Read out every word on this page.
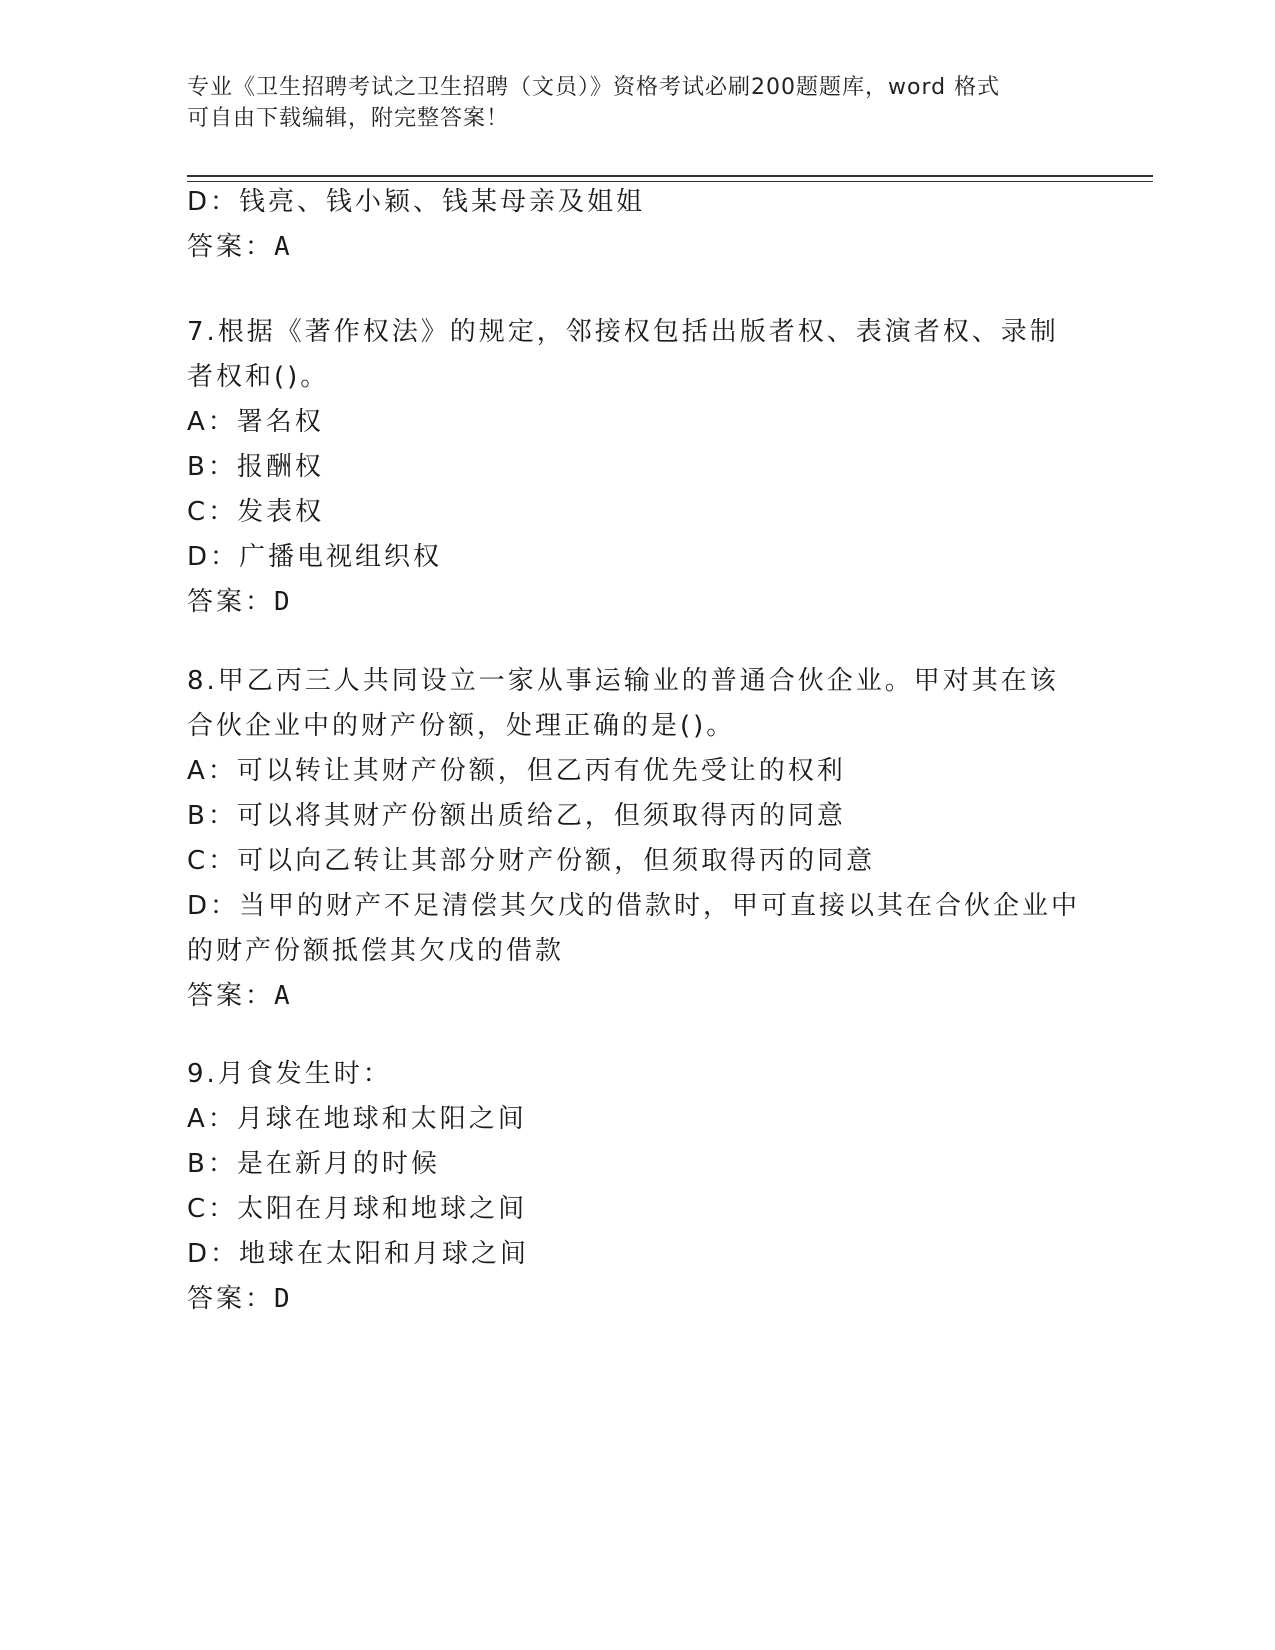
专业《卫生招聘考试之卫生招聘（文员）》资格考试必刷200题题库，word 格式
可自由下载编辑，附完整答案！
D：钱亮、钱小颖、钱某母亲及姐姐
答案：A
7.根据《著作权法》的规定，邻接权包括出版者权、表演者权、录制
者权和()。
A：署名权
B：报酬权
C：发表权
D：广播电视组织权
答案：D
8.甲乙丙三人共同设立一家从事运输业的普通合伙企业。甲对其在该
合伙企业中的财产份额，处理正确的是()。
A：可以转让其财产份额，但乙丙有优先受让的权利
B：可以将其财产份额出质给乙，但须取得丙的同意
C：可以向乙转让其部分财产份额，但须取得丙的同意
D：当甲的财产不足清偿其欠戊的借款时，甲可直接以其在合伙企业中
的财产份额抵偿其欠戊的借款
答案：A
9.月食发生时：
A：月球在地球和太阳之间
B：是在新月的时候
C：太阳在月球和地球之间
D：地球在太阳和月球之间
答案：D
